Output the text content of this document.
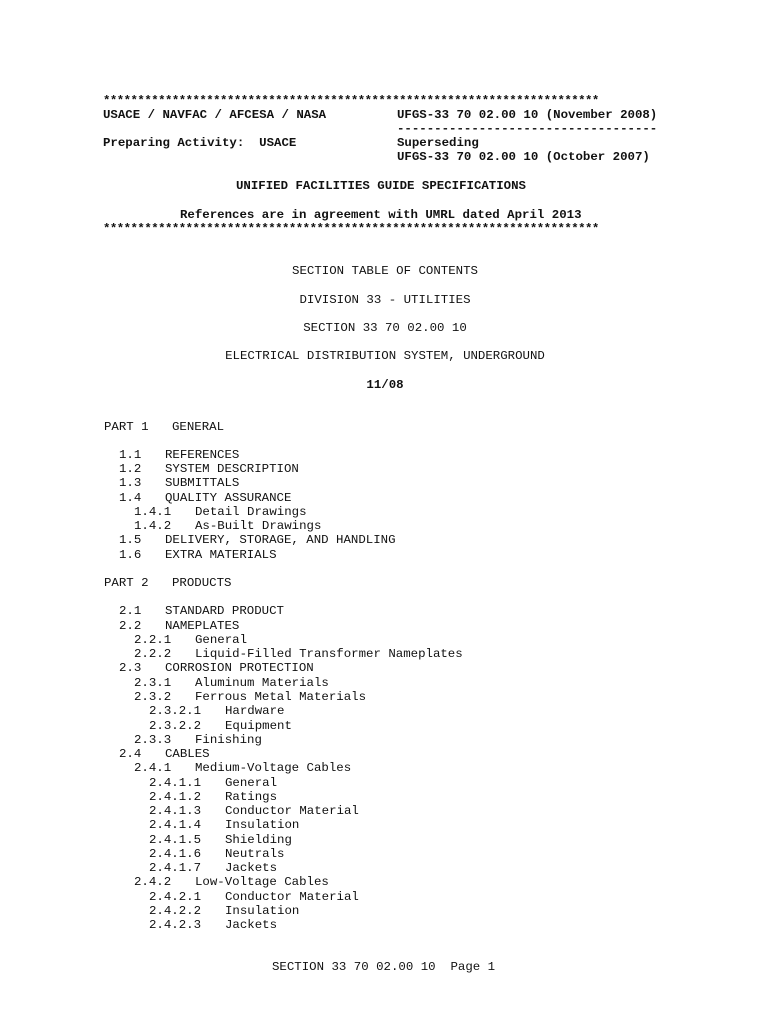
************************************************************************
USACE / NAVFAC / AFCESA / NASA	UFGS-33 70 02.00 10 (November 2008)
-----------------------------------
Preparing Activity:  USACE	Superseding
UFGS-33 70 02.00 10 (October 2007)
UNIFIED FACILITIES GUIDE SPECIFICATIONS
References are in agreement with UMRL dated April 2013
************************************************************************
SECTION TABLE OF CONTENTS
DIVISION 33 - UTILITIES
SECTION 33 70 02.00 10
ELECTRICAL DISTRIBUTION SYSTEM, UNDERGROUND
11/08
PART 1 GENERAL
1.1 REFERENCES
1.2 SYSTEM DESCRIPTION
1.3 SUBMITTALS
1.4 QUALITY ASSURANCE
1.4.1 Detail Drawings
1.4.2 As-Built Drawings
1.5 DELIVERY, STORAGE, AND HANDLING
1.6 EXTRA MATERIALS
PART 2 PRODUCTS
2.1 STANDARD PRODUCT
2.2 NAMEPLATES
2.2.1 General
2.2.2 Liquid-Filled Transformer Nameplates
2.3 CORROSION PROTECTION
2.3.1 Aluminum Materials
2.3.2 Ferrous Metal Materials
2.3.2.1 Hardware
2.3.2.2 Equipment
2.3.3 Finishing
2.4 CABLES
2.4.1 Medium-Voltage Cables
2.4.1.1 General
2.4.1.2 Ratings
2.4.1.3 Conductor Material
2.4.1.4 Insulation
2.4.1.5 Shielding
2.4.1.6 Neutrals
2.4.1.7 Jackets
2.4.2 Low-Voltage Cables
2.4.2.1 Conductor Material
2.4.2.2 Insulation
2.4.2.3 Jackets
SECTION 33 70 02.00 10  Page 1
